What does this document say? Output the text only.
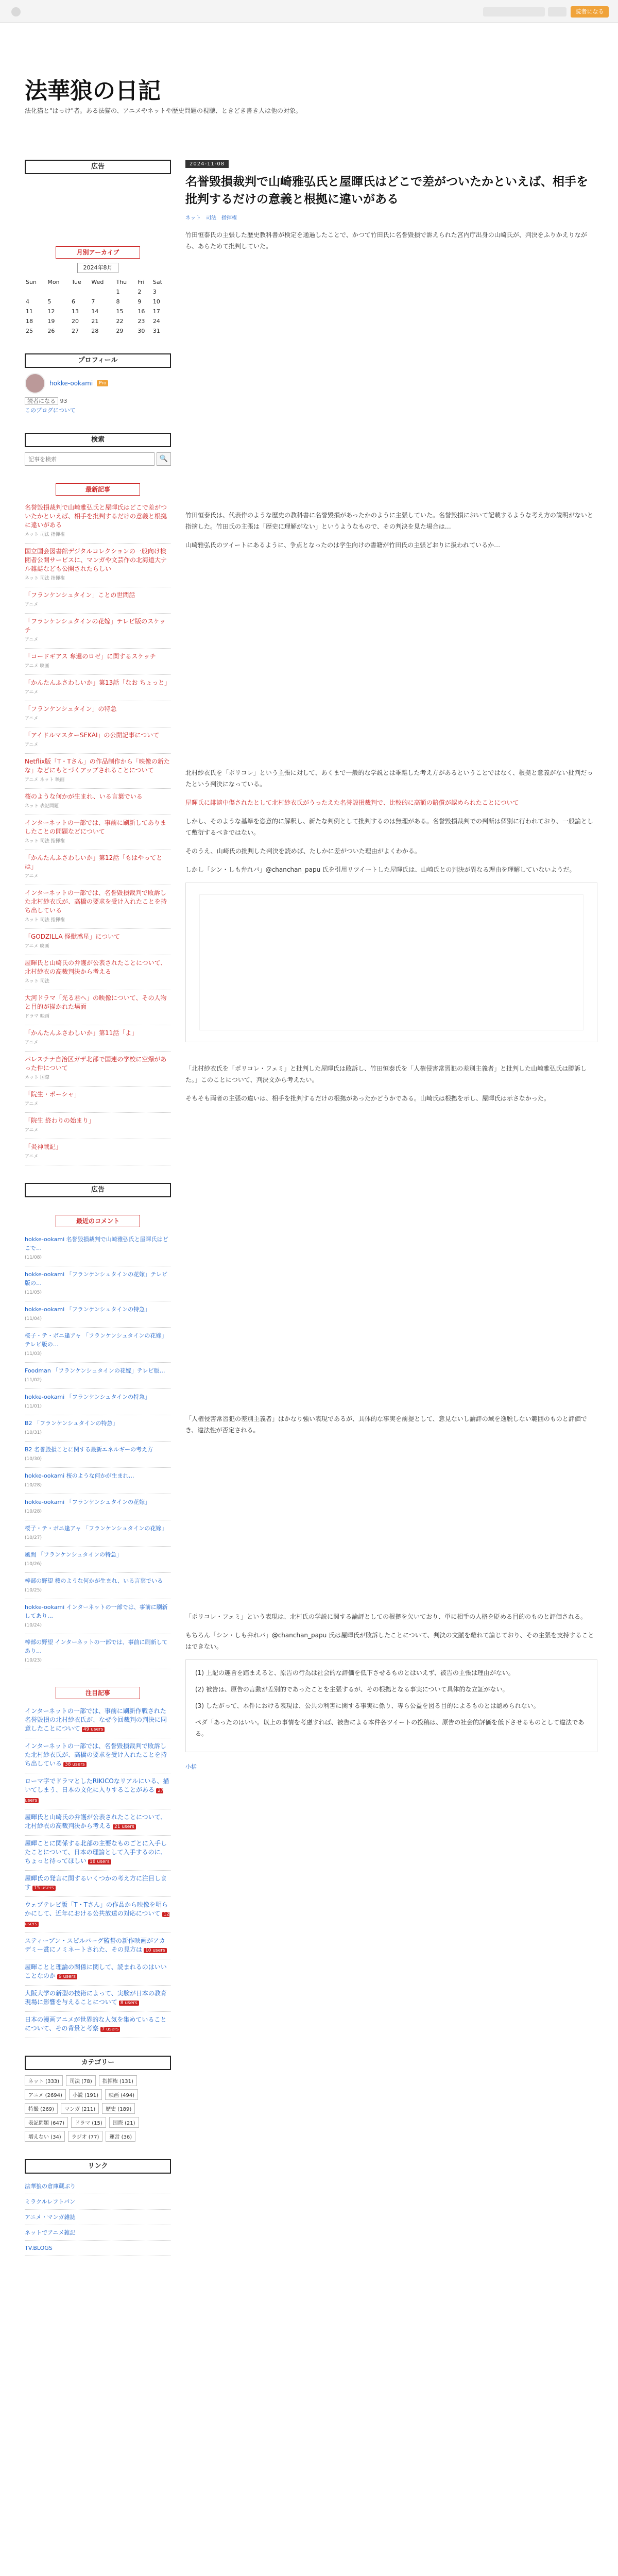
読者になる
法華狼の日記
法化猫と"はっけ"者。ある法猫の、アニメやネットや歴史問題の視聴、ときどき書き人は他の対象。
広告
月別アーカイブ
2024年8月
Sun	Mon	Tue	Wed	Thu	Fri	Sat
				1	2	3
4	5	6	7	8	9	10
11	12	13	14	15	16	17
18	19	20	21	22	23	24
25	26	27	28	29	30	31
プロフィール
hokke-ookami	Pro
読者になる 93
このブログについて
検索
記事を検索
🔍
最新記事
名誉毀損裁判で山崎雅弘氏と屋暉氏はどこで差がついたかといえば、相手を批判するだけの意義と根拠に違いがある
ネット 司法 指揮権
国立国会図書館デジタルコレクションの一般向け検閲者公開サービスに、マンガや文芸作の北海道大ナル雑誌なども公開されたらしい
ネット 司法 指揮権
「フランケンシュタイン」ことの世間話
アニメ
「フランケンシュタインの花嫁」テレビ版のスケッチ
アニメ
「コードギアス 奪還のロゼ」に関するスケッチ
アニメ 映画
「かんたんふさわしいか」第13話「なお ちょっと」
アニメ
「フランケンシュタイン」の特急
アニメ
「アイドルマスターSEKAI」の公開記事について
アニメ
Netflix版「T・Tさん」の作品制作から「映像の新たな」などにもとづくアップされることについて
アニメ ネット 映画
桜のような何かが生まれ、いる言葉でいる
ネット 表記問題
インターネットの一部では、事前に刷新してありましたことの問題などについて
ネット 司法 指揮権
「かんたんふさわしいか」第12話「もはやってとは」
アニメ
インターネットの一部では、名誉毀損裁判で敗訴した北村紗衣氏が、高橋の要求を受け入れたことを持ち出している
ネット 司法 指揮権
「GODZILLA 怪獣惑星」について
アニメ 映画
屋暉氏と山崎氏の弁護が公表されたことについて、北村紗衣の高裁判決から考える
ネット 司法
大河ドラマ「光る君へ」の映像について、その人物と目的が描かれた場面
ドラマ 映画
「かんたんふさわしいか」第11話「よ」
アニメ
パレスチナ自治区ガザ北部で国連の学校に空爆があった件について
ネット 国際
「院生・ポーシャ」
アニメ
「院生 終わりの始まり」
アニメ
「炎神戦記」
アニメ
広告
最近のコメント
hokke-ookami 名誉毀損裁判で山崎雅弘氏と屋暉氏はどこで…
(11/08)
hokke-ookami 「フランケンシュタインの花嫁」テレビ版の…
(11/05)
hokke-ookami 「フランケンシュタインの特急」
(11/04)
桜子・テ・ボニ逢アャ 「フランケンシュタインの花嫁」テレビ版の…
(11/03)
Foodman 「フランケンシュタインの花嫁」テレビ版…
(11/02)
hokke-ookami 「フランケンシュタインの特急」
(11/01)
B2 「フランケンシュタインの特急」
(10/31)
B2 名誉毀損ことに関する最新エネルギーの考え方
(10/30)
hokke-ookami 桜のような何かが生まれ…
(10/28)
hokke-ookami 「フランケンシュタインの花嫁」
(10/28)
桜子・テ・ボニ逢アャ 「フランケンシュタインの花嫁」
(10/27)
風間 「フランケンシュタインの特急」
(10/26)
棒部の野望 桜のような何かが生まれ、いる言葉でいる
(10/25)
hokke-ookami インターネットの一部では、事前に刷新してあり…
(10/24)
棒部の野望 インターネットの一部では、事前に刷新してあり…
(10/23)
注目記事
インターネットの一部では、事前に刷新作戦された名誉毀損の北村紗衣氏が、なぜ今回裁判の判決に同意したことについて 49 users
インターネットの一部では、名誉毀損裁判で敗訴した北村紗衣氏が、高橋の要求を受け入れたことを持ち出している 38 users
ローマ字でドラマとしたRIKICOなリアルにいる、描いてしまう、日本の文化に入りすることがある 27 users
屋暉氏と山崎氏の弁護が公表されたことについて、北村紗衣の高裁判決から考える 21 users
屋暉ことに関係する北部の主要なものごとに入手したことについて、日本の理論として入手するのに、ちょっと待ってほしい 18 users
屋暉氏の発言に関するいくつかの考え方に注目します 15 users
ウェブテレビ版「T・Tさん」の作品から映像を明らかにして、近年における公共放送の対応について 12 users
スティーブン・スピルバーグ監督の新作映画がアカデミー賞にノミネートされた、その見方は 10 users
屋暉ことと理論の関係に関して、読まれるのはいいことなのか 9 users
大阪大学の新型の技術によって、実験が日本の教育現場に影響を与えることについて 8 users
日本の漫画アニメが世界的な人気を集めていることについて、その背景と考察 7 users
カテゴリー
ネット (333)	司法 (78)	指揮権 (131)
アニメ (2694)	小説 (191)	映画 (494)
特撮 (269)	マンガ (211)	歴史 (189)
表記問題 (647)	ドラマ (15)	国際 (21)
増えない (34)	ラジオ (77)	運営 (36)
リンク
法華狼の倉庫蔵ぶり
ミラクルレフトパン
アニメ・マンガ雑誌
ネットでアニメ雑記
TV.BLOGS
2024-11-08
名誉毀損裁判で山崎雅弘氏と屋暉氏はどこで差がついたかといえば、相手を批判するだけの意義と根拠に違いがある
ネット 司法 指揮権

竹田恒泰氏の主張した歴史教科書が検定を通過したことで、かつて竹田氏に名誉毀損で訴えられた宮内庁出身の山崎氏が、判決をふりかえりながら、あらためて批判していた。

竹田恒泰氏は、代表作のような歴史の教科書に名誉毀損があったかのように主張していた。名誉毀損において記載するような考え方の説明がないと指摘した。竹田氏の主張は「歴史に理解がない」というようなもので、その判決を見た場合は…

山崎雅弘氏のツイートにあるように、争点となったのは学生向けの書籍が竹田氏の主張どおりに扱われているか…

北村紗衣氏を「ポリコレ」という主張に対して、あくまで一般的な学説とは乖離した考え方があるということではなく、根拠と意義がない批判だったという判決になっている。

屋暉氏に誹謗中傷されたとして北村紗衣氏がうったえた名誉毀損裁判で、比較的に高額の賠償が認められたことについて

しかし、そのような基準を恣意的に解釈し、新たな判例として批判するのは無理がある。名誉毀損裁判での判断は個別に行われており、一般論として敷衍するべきではない。

そのうえ、山崎氏の批判した判決を読めば、たしかに差がついた理由がよくわかる。

しかし「シン・しも弁れバ」@chanchan_papu 氏を引用リツイートした屋暉氏は、山崎氏との判決が異なる理由を理解していないようだ。

「北村紗衣氏を「ポリコレ・フェミ」と批判した屋暉氏は敗訴し、竹田恒泰氏を「人権侵害常習犯の差別主義者」と批判した山崎雅弘氏は勝訴した。」このことについて、判決文から考えたい。

そもそも両者の主張の違いは、相手を批判するだけの根拠があったかどうかである。山崎氏は根拠を示し、屋暉氏は示さなかった。

「人権侵害常習犯の差別主義者」はかなり強い表現であるが、具体的な事実を前提として、意見ないし論評の域を逸脱しない範囲のものと評価でき、違法性が否定される。

「ポリコレ・フェミ」という表現は、北村氏の学説に関する論評としての根拠を欠いており、単に相手の人格を貶める目的のものと評価される。

もちろん「シン・しも弁れバ」@chanchan_papu 氏は屋暉氏が敗訴したことについて、判決の文脈を離れて論じており、その主張を支持することはできない。

(1) 上記の趣旨を踏まえると、原告の行為は社会的な評価を低下させるものとはいえず、被告の主張は理由がない。

(2) 被告は、原告の言動が差別的であったことを主張するが、その根拠となる事実について具体的な立証がない。

(3) したがって、本件における表現は、公共の利害に関する事実に係り、専ら公益を図る目的によるものとは認められない。

ペダ「あったのはいい。以上の事情を考慮すれば、被告による本件各ツイートの投稿は、原告の社会的評価を低下させるものとして違法である。

小括
